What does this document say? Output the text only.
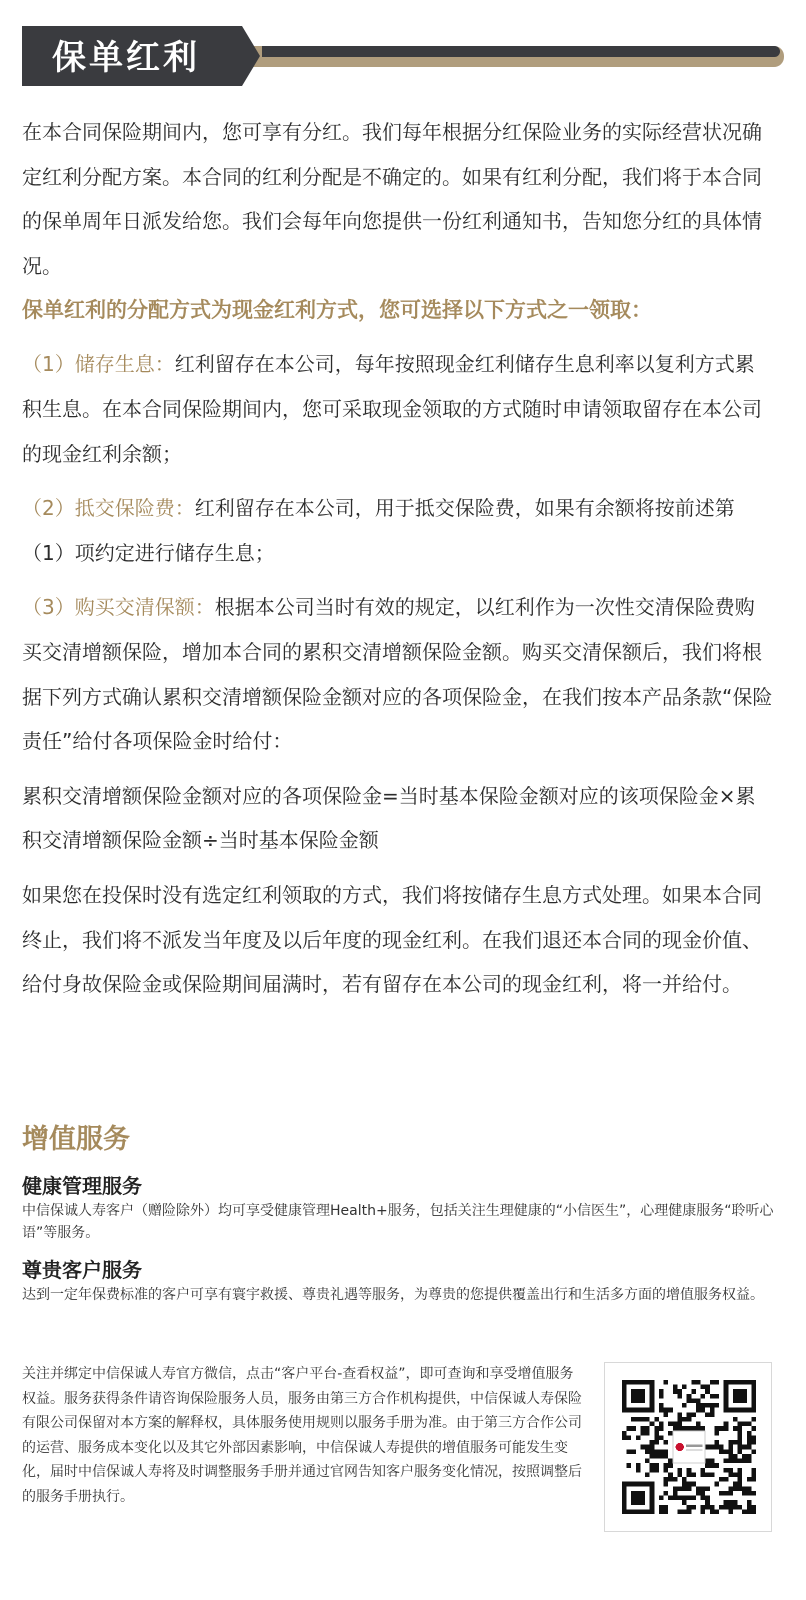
保单红利

在本合同保险期间内，您可享有分红。我们每年根据分红保险业务的实际经营状况确定红利分配方案。本合同的红利分配是不确定的。如果有红利分配，我们将于本合同的保单周年日派发给您。我们会每年向您提供一份红利通知书，告知您分红的具体情况。

保单红利的分配方式为现金红利方式，您可选择以下方式之一领取：

（1）储存生息：红利留存在本公司，每年按照现金红利储存生息利率以复利方式累积生息。在本合同保险期间内，您可采取现金领取的方式随时申请领取留存在本公司的现金红利余额；

（2）抵交保险费：红利留存在本公司，用于抵交保险费，如果有余额将按前述第（1）项约定进行储存生息；

（3）购买交清保额：根据本公司当时有效的规定，以红利作为一次性交清保险费购买交清增额保险，增加本合同的累积交清增额保险金额。购买交清保额后，我们将根据下列方式确认累积交清增额保险金额对应的各项保险金，在我们按本产品条款“保险责任”给付各项保险金时给付：

累积交清增额保险金额对应的各项保险金=当时基本保险金额对应的该项保险金×累积交清增额保险金额÷当时基本保险金额

如果您在投保时没有选定红利领取的方式，我们将按储存生息方式处理。如果本合同终止，我们将不派发当年度及以后年度的现金红利。在我们退还本合同的现金价值、给付身故保险金或保险期间届满时，若有留存在本公司的现金红利，将一并给付。

增值服务
健康管理服务
中信保诚人寿客户（赠险除外）均可享受健康管理Health+服务，包括关注生理健康的“小信医生”，心理健康服务“聆听心语”等服务。
尊贵客户服务
达到一定年保费标准的客户可享有寰宇救援、尊贵礼遇等服务，为尊贵的您提供覆盖出行和生活多方面的增值服务权益。
关注并绑定中信保诚人寿官方微信，点击“客户平台-查看权益”，即可查询和享受增值服务权益。服务获得条件请咨询保险服务人员，服务由第三方合作机构提供，中信保诚人寿保险有限公司保留对本方案的解释权，具体服务使用规则以服务手册为准。由于第三方合作公司的运营、服务成本变化以及其它外部因素影响，中信保诚人寿提供的增值服务可能发生变化，届时中信保诚人寿将及时调整服务手册并通过官网告知客户服务变化情况，按照调整后的服务手册执行。
